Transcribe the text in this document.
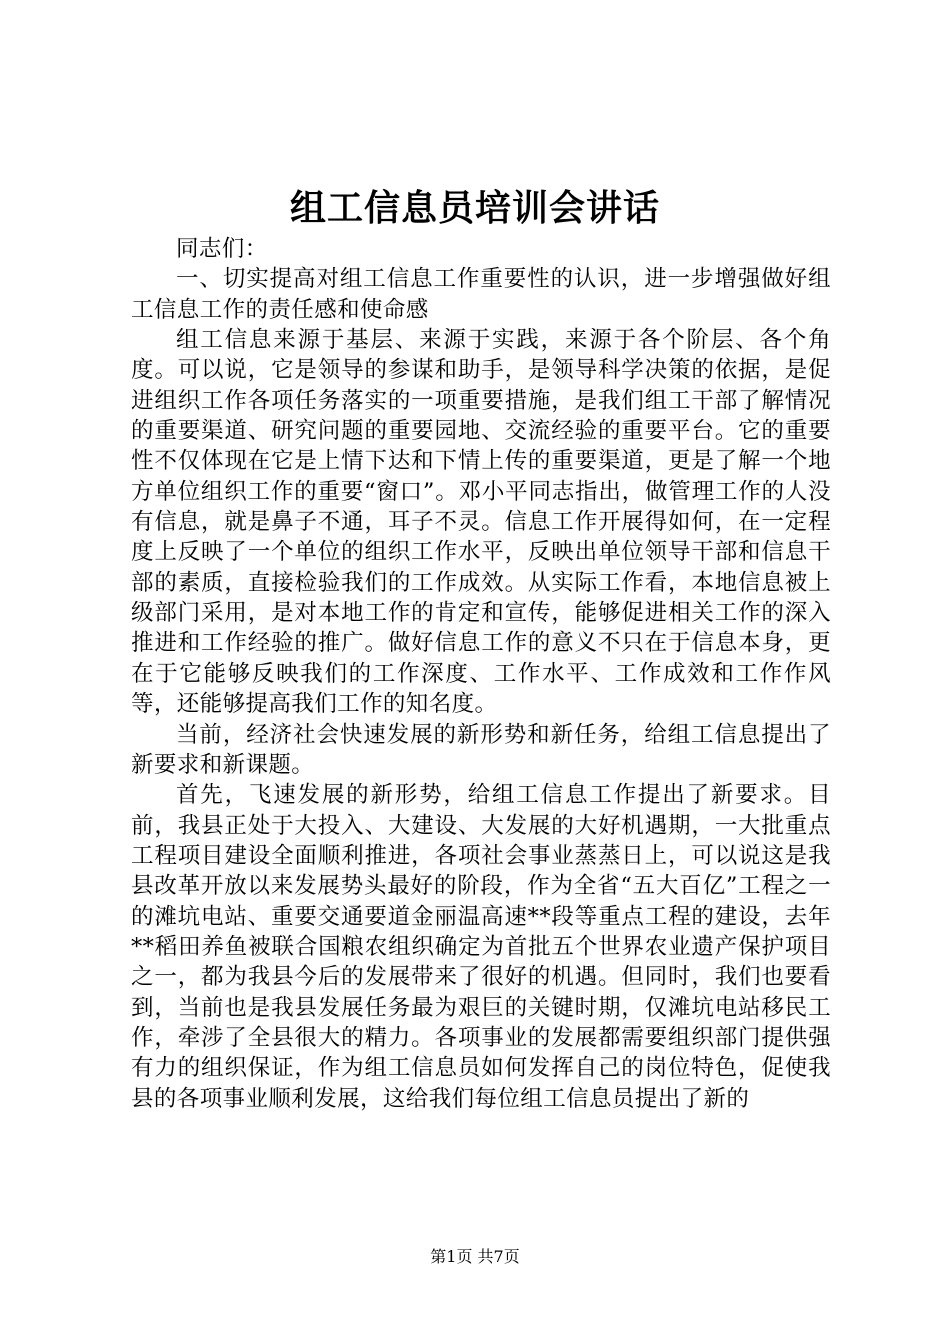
组工信息员培训会讲话

同志们：

一、切实提高对组工信息工作重要性的认识，进一步增强做好组工信息工作的责任感和使命感

组工信息来源于基层、来源于实践，来源于各个阶层、各个角度。可以说，它是领导的参谋和助手，是领导科学决策的依据，是促进组织工作各项任务落实的一项重要措施，是我们组工干部了解情况的重要渠道、研究问题的重要园地、交流经验的重要平台。它的重要性不仅体现在它是上情下达和下情上传的重要渠道，更是了解一个地方单位组织工作的重要“窗口”。邓小平同志指出，做管理工作的人没有信息，就是鼻子不通，耳子不灵。信息工作开展得如何，在一定程度上反映了一个单位的组织工作水平，反映出单位领导干部和信息干部的素质，直接检验我们的工作成效。从实际工作看，本地信息被上级部门采用，是对本地工作的肯定和宣传，能够促进相关工作的深入推进和工作经验的推广。做好信息工作的意义不只在于信息本身，更在于它能够反映我们的工作深度、工作水平、工作成效和工作作风等，还能够提高我们工作的知名度。

当前，经济社会快速发展的新形势和新任务，给组工信息提出了新要求和新课题。

首先，飞速发展的新形势，给组工信息工作提出了新要求。目前，我县正处于大投入、大建设、大发展的大好机遇期，一大批重点工程项目建设全面顺利推进，各项社会事业蒸蒸日上，可以说这是我县改革开放以来发展势头最好的阶段，作为全省“五大百亿”工程之一的滩坑电站、重要交通要道金丽温高速**段等重点工程的建设，去年**稻田养鱼被联合国粮农组织确定为首批五个世界农业遗产保护项目之一，都为我县今后的发展带来了很好的机遇。但同时，我们也要看到，当前也是我县发展任务最为艰巨的关键时期，仅滩坑电站移民工作，牵涉了全县很大的精力。各项事业的发展都需要组织部门提供强有力的组织保证，作为组工信息员如何发挥自己的岗位特色，促使我县的各项事业顺利发展，这给我们每位组工信息员提出了新的

第1页 共7页
